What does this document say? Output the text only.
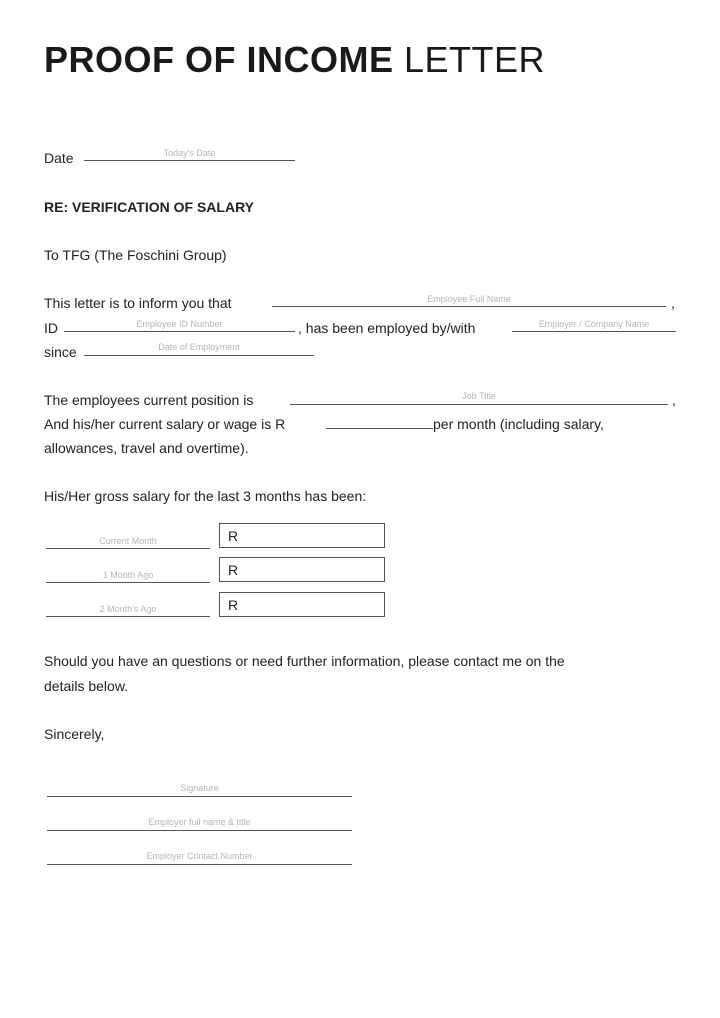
PROOF OF INCOME LETTER
Date	Today's Date
RE: VERIFICATION OF SALARY
To TFG (The Foschini Group)
This letter is to inform you that	Employee Full Name	,
ID	Employee ID Number	, has been employed by/with	Employer / Company Name
since	Date of Employment
The employees current position is	Job Title	,
And his/her current salary or wage is R	per month (including salary,
allowances, travel and overtime).
His/Her gross salary for the last 3 months has been:
Current Month	R
1 Month Ago	R
2 Month's Ago	R
Should you have an questions or need further information, please contact me on the
details below.
Sincerely,
Signature
Employer full name & title
Employer Contact Number
